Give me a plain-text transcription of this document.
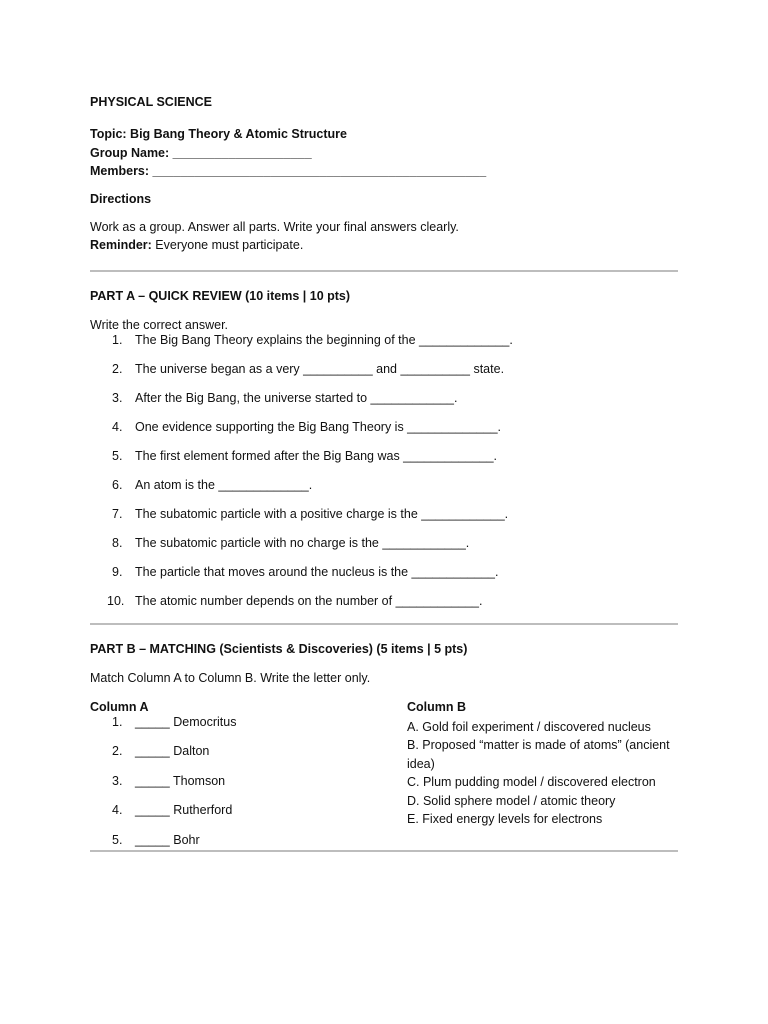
PHYSICAL SCIENCE
Topic: Big Bang Theory & Atomic Structure
Group Name: ____________________
Members: ________________________________________________
Directions
Work as a group. Answer all parts. Write your final answers clearly.
Reminder: Everyone must participate.
PART A – QUICK REVIEW (10 items | 10 pts)
Write the correct answer.
1. The Big Bang Theory explains the beginning of the _____________.
2. The universe began as a very __________ and __________ state.
3. After the Big Bang, the universe started to ____________.
4. One evidence supporting the Big Bang Theory is _____________.
5. The first element formed after the Big Bang was _____________.
6. An atom is the _____________.
7. The subatomic particle with a positive charge is the ____________.
8. The subatomic particle with no charge is the ____________.
9. The particle that moves around the nucleus is the ____________.
10. The atomic number depends on the number of ____________.
PART B – MATCHING (Scientists & Discoveries) (5 items | 5 pts)
Match Column A to Column B. Write the letter only.
Column A
1. _____ Democritus
2. _____ Dalton
3. _____ Thomson
4. _____ Rutherford
5. _____ Bohr
Column B
A. Gold foil experiment / discovered nucleus
B. Proposed “matter is made of atoms” (ancient idea)
C. Plum pudding model / discovered electron
D. Solid sphere model / atomic theory
E. Fixed energy levels for electrons
